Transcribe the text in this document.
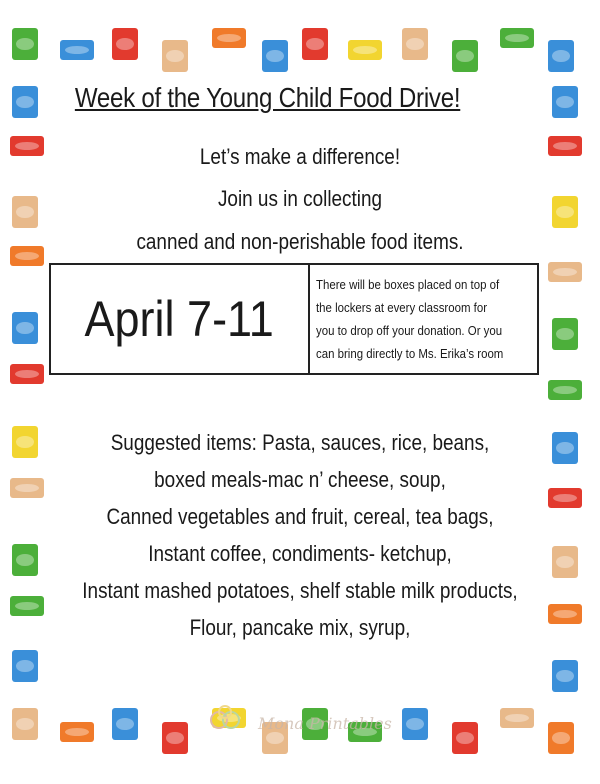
Week of the Young Child Food Drive!
Let’s make a difference!
Join us in collecting
canned and non-perishable food items.
April 7-11
There will be boxes placed on top of
the lockers at every classroom for
you to drop off your donation. Or you
can bring directly to Ms. Erika’s room
Suggested items: Pasta, sauces, rice, beans,
boxed meals-mac n’ cheese, soup,
Canned vegetables and fruit, cereal, tea bags,
Instant coffee, condiments- ketchup,
Instant mashed potatoes, shelf stable milk products,
Flour, pancake mix, syrup,
Mona Printables
